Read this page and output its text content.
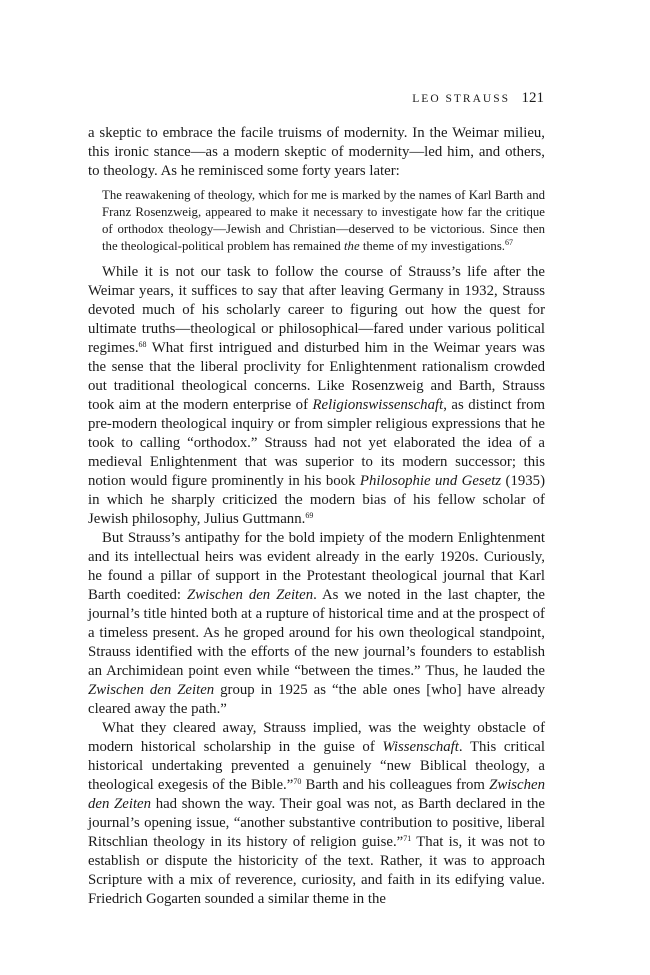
LEO STRAUSS 121

a skeptic to embrace the facile truisms of modernity. In the Weimar milieu, this ironic stance—as a modern skeptic of modernity—led him, and others, to theology. As he reminisced some forty years later:

The reawakening of theology, which for me is marked by the names of Karl Barth and Franz Rosenzweig, appeared to make it necessary to investigate how far the critique of orthodox theology—Jewish and Christian—deserved to be victorious. Since then the theological-political problem has remained the theme of my investigations.$^{67}$

While it is not our task to follow the course of Strauss’s life after the Weimar years, it suffices to say that after leaving Germany in 1932, Strauss devoted much of his scholarly career to figuring out how the quest for ultimate truths—theological or philosophical—fared under various political regimes.$^{68}$ What first intrigued and disturbed him in the Weimar years was the sense that the liberal proclivity for Enlightenment rationalism crowded out traditional theological concerns. Like Rosenzweig and Barth, Strauss took aim at the modern enterprise of Religionswissenschaft, as distinct from pre-modern theological inquiry or from simpler religious expressions that he took to calling “orthodox.” Strauss had not yet elaborated the idea of a medieval Enlightenment that was superior to its modern successor; this notion would figure prominently in his book Philosophie und Gesetz (1935) in which he sharply criticized the modern bias of his fellow scholar of Jewish philosophy, Julius Guttmann.$^{69}$

But Strauss’s antipathy for the bold impiety of the modern Enlightenment and its intellectual heirs was evident already in the early 1920s. Curiously, he found a pillar of support in the Protestant theological journal that Karl Barth coedited: Zwischen den Zeiten. As we noted in the last chapter, the journal’s title hinted both at a rupture of historical time and at the prospect of a timeless present. As he groped around for his own theological standpoint, Strauss identified with the efforts of the new journal’s founders to establish an Archimidean point even while “between the times.” Thus, he lauded the Zwischen den Zeiten group in 1925 as “the able ones [who] have already cleared away the path.”

What they cleared away, Strauss implied, was the weighty obstacle of modern historical scholarship in the guise of Wissenschaft. This critical historical undertaking prevented a genuinely “new Biblical theology, a theological exegesis of the Bible.”$^{70}$ Barth and his colleagues from Zwischen den Zeiten had shown the way. Their goal was not, as Barth declared in the journal’s opening issue, “another substantive contribution to positive, liberal Ritschlian theology in its history of religion guise.”$^{71}$ That is, it was not to establish or dispute the historicity of the text. Rather, it was to approach Scripture with a mix of reverence, curiosity, and faith in its edifying value. Friedrich Gogarten sounded a similar theme in the
